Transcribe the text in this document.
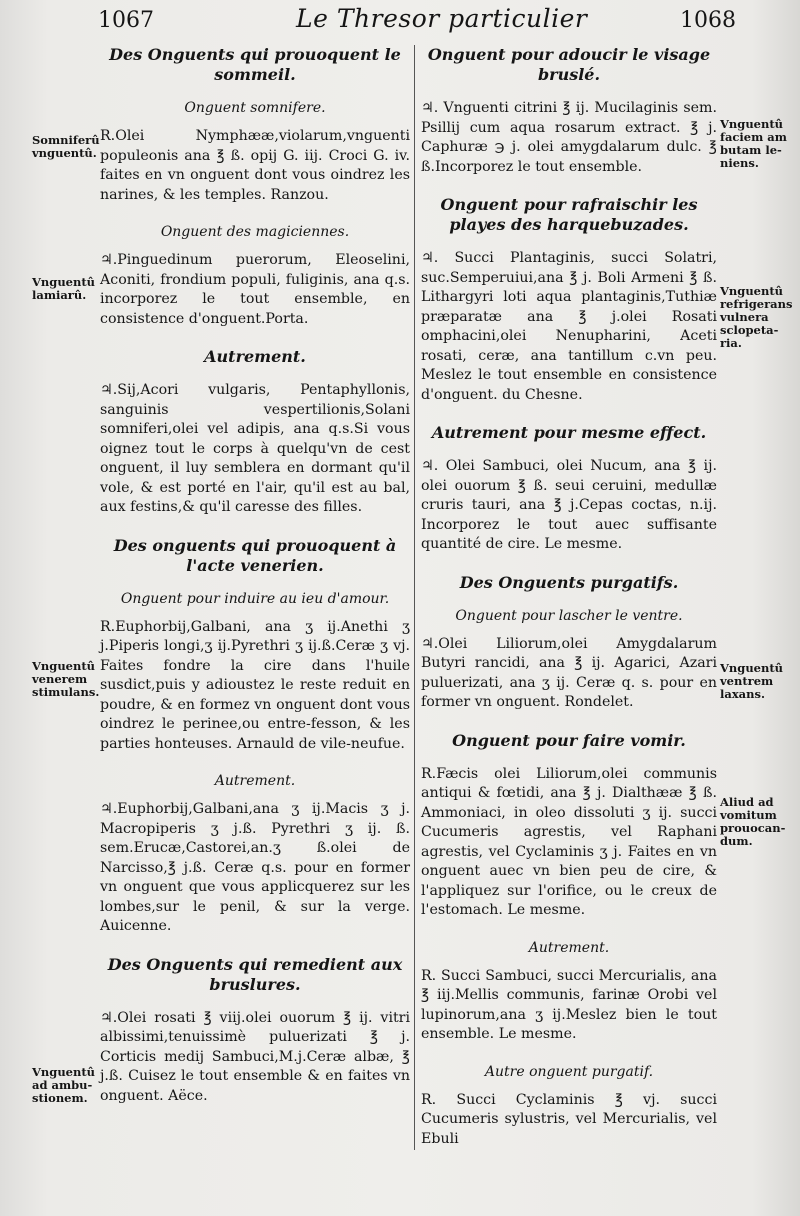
1067	Le Thresor particulier	1068
Somniferû vnguentû.
Vnguentû lamiarû.
Vnguentû venerem stimulans.
Vnguentû ad ambu- stionem.
Vnguentû faciem am butam le- niens.
Vnguentû refrigerans vulnera sclopeta- ria.
Vnguentû ventrem laxans.
Aliud ad vomitum prouocan- dum.
Des Onguents qui prouoquent le sommeil.
Onguent somnifere.
R.Olei Nymphææ,violarum,vnguenti populeonis ana ℥ ß. opij G. iij. Croci G. iv. faites en vn onguent dont vous oindrez les narines, & les temples. Ranzou.
Onguent des magiciennes.
♃.Pinguedinum puerorum, Eleoselini, Aconiti, frondium populi, fuliginis, ana q.s. incorporez le tout ensemble, en consistence d'onguent.Porta.
Autrement.
♃.Sij,Acori vulgaris, Pentaphyllonis, sanguinis vespertilionis,Solani somniferi,olei vel adipis, ana q.s.Si vous oignez tout le corps à quelqu'vn de cest onguent, il luy semblera en dormant qu'il vole, & est porté en l'air, qu'il est au bal, aux festins,& qu'il caresse des filles.
Des onguents qui prouoquent à l'acte venerien.
Onguent pour induire au ieu d'amour.
R.Euphorbij,Galbani, ana ʒ ij.Anethi ʒ j.Piperis longi,ʒ ij.Pyrethri ʒ ij.ß.Ceræ ʒ vj. Faites fondre la cire dans l'huile susdict,puis y adioustez le reste reduit en poudre, & en formez vn onguent dont vous oindrez le perinee,ou entre-fesson, & les parties honteuses. Arnauld de vile-neufue.
Autrement.
♃.Euphorbij,Galbani,ana ʒ ij.Macis ʒ j. Macropiperis ʒ j.ß. Pyrethri ʒ ij. ß. sem.Erucæ,Castorei,an.ʒ ß.olei de Narcisso,℥ j.ß. Ceræ q.s. pour en former vn onguent que vous applicquerez sur les lombes,sur le penil, & sur la verge. Auicenne.
Des Onguents qui remedient aux bruslures.
♃.Olei rosati ℥ viij.olei ouorum ℥ ij. vitri albissimi,tenuissimè puluerizati ℥ j. Corticis medij Sambuci,M.j.Ceræ albæ, ℥ j.ß. Cuisez le tout ensemble & en faites vn onguent. Aëce.
Onguent pour adoucir le visage bruslé.
♃. Vnguenti citrini ℥ ij. Mucilaginis sem. Psillij cum aqua rosarum extract. ℥ j. Caphuræ ℈ j. olei amygdalarum dulc. ℥ ß.Incorporez le tout ensemble.
Onguent pour rafraischir les playes des harquebuzades.
♃. Succi Plantaginis, succi Solatri, suc.Semperuiui,ana ℥ j. Boli Armeni ℥ ß. Lithargyri loti aqua plantaginis,Tuthiæ præparatæ ana ℥ j.olei Rosati omphacini,olei Nenupharini, Aceti rosati, ceræ, ana tantillum c.vn peu. Meslez le tout ensemble en consistence d'onguent. du Chesne.
Autrement pour mesme effect.
♃. Olei Sambuci, olei Nucum, ana ℥ ij. olei ouorum ℥ ß. seui ceruini, medullæ cruris tauri, ana ℥ j.Cepas coctas, n.ij. Incorporez le tout auec suffisante quantité de cire. Le mesme.
Des Onguents purgatifs.
Onguent pour lascher le ventre.
♃.Olei Liliorum,olei Amygdalarum Butyri rancidi, ana ℥ ij. Agarici, Azari puluerizati, ana ʒ ij. Ceræ q. s. pour en former vn onguent. Rondelet.
Onguent pour faire vomir.
R.Fæcis olei Liliorum,olei communis antiqui & fœtidi, ana ℥ j. Dialthææ ℥ ß. Ammoniaci, in oleo dissoluti ʒ ij. succi Cucumeris agrestis, vel Raphani agrestis, vel Cyclaminis ʒ j. Faites en vn onguent auec vn bien peu de cire, & l'appliquez sur l'orifice, ou le creux de l'estomach. Le mesme.
Autrement.
R. Succi Sambuci, succi Mercurialis, ana ℥ iij.Mellis communis, farinæ Orobi vel lupinorum,ana ʒ ij.Meslez bien le tout ensemble. Le mesme.
Autre onguent purgatif.
R. Succi Cyclaminis ℥ vj. succi Cucumeris sylustris, vel Mercurialis, vel Ebuli
